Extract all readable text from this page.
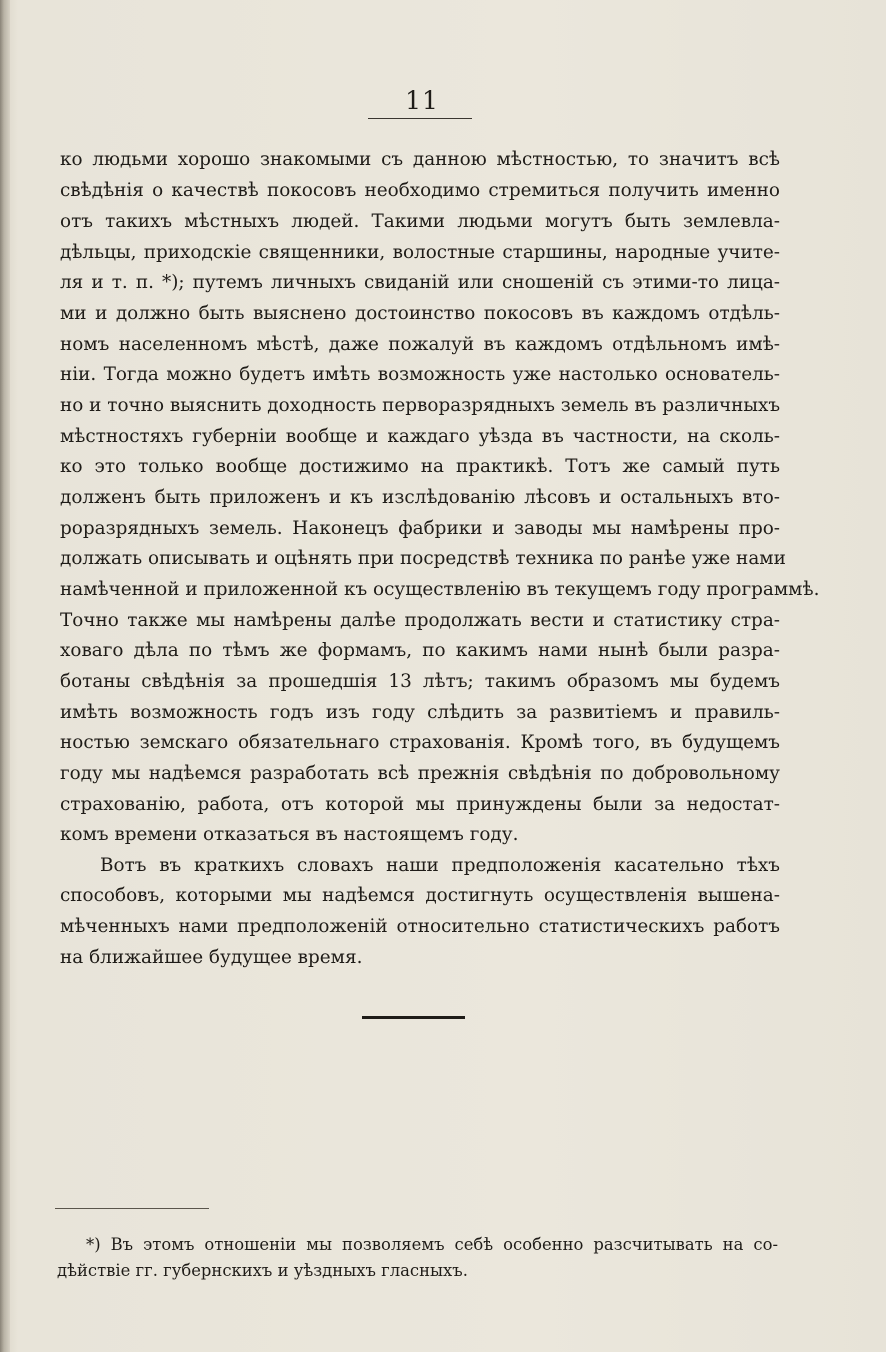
11
ко людьми хорошо знакомыми съ данною мѣстностью, то значитъ всѣ
свѣдѣнія о качествѣ покосовъ необходимо стремиться получить именно
отъ такихъ мѣстныхъ людей. Такими людьми могутъ быть землевла-
дѣльцы, приходскіе священники, волостные старшины, народные учите-
ля и т. п. *); путемъ личныхъ свиданій или сношеній съ этими-то лица-
ми и должно быть выяснено достоинство покосовъ въ каждомъ отдѣль-
номъ населенномъ мѣстѣ, даже пожалуй въ каждомъ отдѣльномъ имѣ-
ніи. Тогда можно будетъ имѣть возможность уже настолько основатель-
но и точно выяснить доходность перворазрядныхъ земель въ различныхъ
мѣстностяхъ губерніи вообще и каждаго уѣзда въ частности, на сколь-
ко это только вообще достижимо на практикѣ. Тотъ же самый путь
долженъ быть приложенъ и къ изслѣдованію лѣсовъ и остальныхъ вто-
роразрядныхъ земель. Наконецъ фабрики и заводы мы намѣрены про-
должать описывать и оцѣнять при посредствѣ техника по ранѣе уже нами
намѣченной и приложенной къ осуществленію въ текущемъ году программѣ.
Точно также мы намѣрены далѣе продолжать вести и статистику стра-
ховаго дѣла по тѣмъ же формамъ, по какимъ нами нынѣ были разра-
ботаны свѣдѣнія за прошедшія 13 лѣтъ; такимъ образомъ мы будемъ
имѣть возможность годъ изъ году слѣдить за развитіемъ и правиль-
ностью земскаго обязательнаго страхованія. Кромѣ того, въ будущемъ
году мы надѣемся разработать всѣ прежнія свѣдѣнія по добровольному
страхованію, работа, отъ которой мы принуждены были за недостат-
комъ времени отказаться въ настоящемъ году.
Вотъ въ краткихъ словахъ наши предположенія касательно тѣхъ
способовъ, которыми мы надѣемся достигнуть осуществленія вышена-
мѣченныхъ нами предположеній относительно статистическихъ работъ
на ближайшее будущее время.
*) Въ этомъ отношеніи мы позволяемъ себѣ особенно разсчитывать на со-
дѣйствіе гг. губернскихъ и уѣздныхъ гласныхъ.
